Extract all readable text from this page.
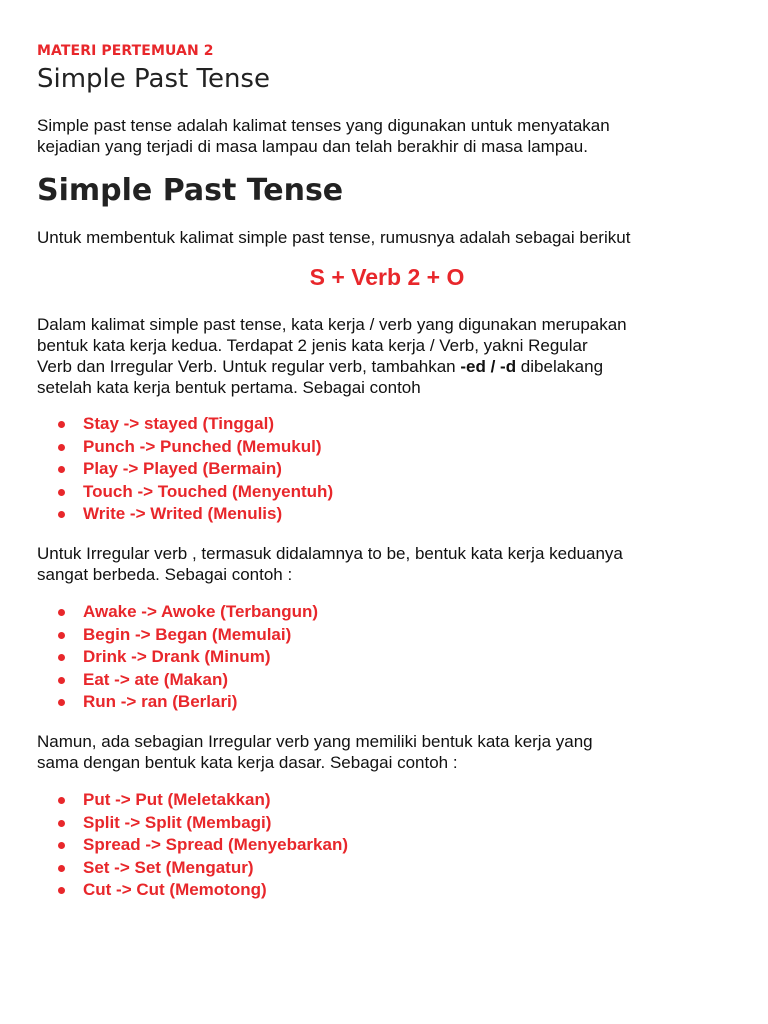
MATERI PERTEMUAN 2
Simple Past Tense

Simple past tense adalah kalimat tenses yang digunakan untuk menyatakan
kejadian yang terjadi di masa lampau dan telah berakhir di masa lampau.

Simple Past Tense

Untuk membentuk kalimat simple past tense, rumusnya adalah sebagai berikut

S + Verb 2 + O

Dalam kalimat simple past tense, kata kerja / verb yang digunakan merupakan
bentuk kata kerja kedua. Terdapat 2 jenis kata kerja / Verb, yakni Regular
Verb dan Irregular Verb. Untuk regular verb, tambahkan -ed / -d dibelakang
setelah kata kerja bentuk pertama. Sebagai contoh

Stay -> stayed (Tinggal)
Punch -> Punched (Memukul)
Play -> Played (Bermain)
Touch -> Touched (Menyentuh)
Write -> Writed (Menulis)

Untuk Irregular verb , termasuk didalamnya to be, bentuk kata kerja keduanya
sangat berbeda. Sebagai contoh :

Awake -> Awoke (Terbangun)
Begin -> Began (Memulai)
Drink -> Drank (Minum)
Eat -> ate (Makan)
Run -> ran (Berlari)

Namun, ada sebagian Irregular verb yang memiliki bentuk kata kerja yang
sama dengan bentuk kata kerja dasar. Sebagai contoh :

Put -> Put (Meletakkan)
Split -> Split (Membagi)
Spread -> Spread (Menyebarkan)
Set -> Set (Mengatur)
Cut -> Cut (Memotong)
